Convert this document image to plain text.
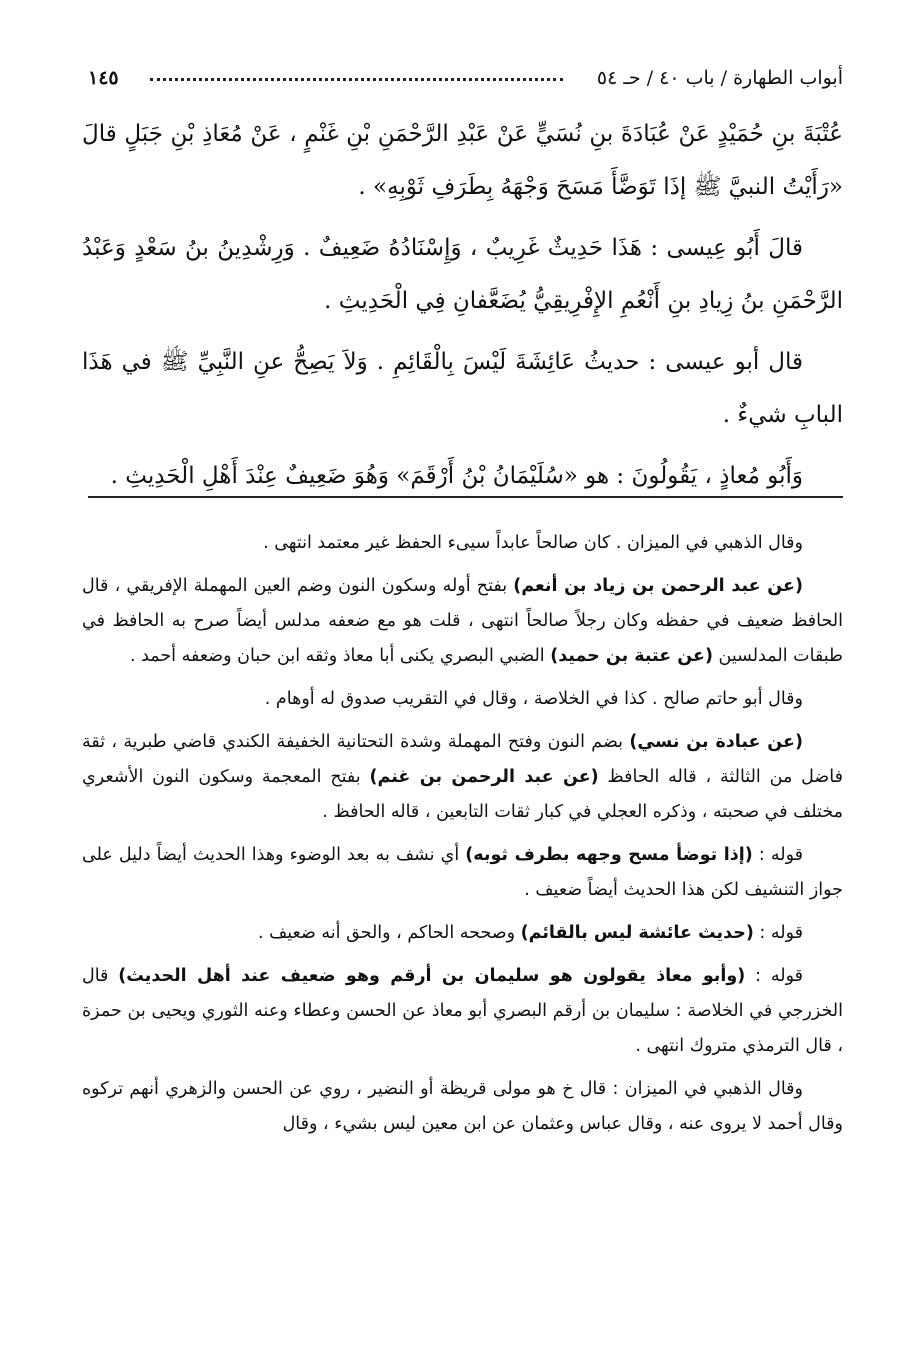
أبواب الطهارة / باب ٤٠ / حـ ٥٤
١٤٥

عُتْبَةَ بنِ حُمَيْدٍ عَنْ عُبَادَةَ بنِ نُسَيٍّ عَنْ عَبْدِ الرَّحْمَنِ بْنِ غَنْمٍ ، عَنْ مُعَاذِ بْنِ جَبَلٍ قالَ «رَأَيْتُ النبيَّ ﷺ إذَا تَوَضَّأَ مَسَحَ وَجْهَهُ بِطَرَفِ ثَوْبِهِ» .

قالَ أَبُو عِيسى : هَذَا حَدِيثٌ غَرِيبٌ ، وَإِسْنَادُهُ ضَعِيفٌ . وَرِشْدِينُ بنُ سَعْدٍ وَعَبْدُ الرَّحْمَنِ بنُ زِيادِ بنِ أَنْعُمِ الإِفْرِيقِيُّ يُضَعَّفانِ فِي الْحَدِيثِ .

قال أبو عيسى : حديثُ عَائِشَةَ لَيْسَ بِالْقَائِمِ . وَلاَ يَصِحُّ عنِ النَّبِيِّ ﷺ في هَذَا البابِ شيءٌ .

وَأَبُو مُعاذٍ ، يَقُولُونَ : هو «سُلَيْمَانُ بْنُ أَرْقَمَ» وَهُوَ ضَعِيفٌ عِنْدَ أَهْلِ الْحَدِيثِ .

وقال الذهبي في الميزان . كان صالحاً عابداً سيىء الحفظ غير معتمد انتهى .

(عن عبد الرحمن بن زياد بن أنعم) بفتح أوله وسكون النون وضم العين المهملة الإفريقي ، قال الحافظ ضعيف في حفظه وكان رجلاً صالحاً انتهى ، قلت هو مع ضعفه مدلس أيضاً صرح به الحافظ في طبقات المدلسين (عن عتبة بن حميد) الضبي البصري يكنى أبا معاذ وثقه ابن حبان وضعفه أحمد .

وقال أبو حاتم صالح . كذا في الخلاصة ، وقال في التقريب صدوق له أوهام .

(عن عبادة بن نسي) بضم النون وفتح المهملة وشدة التحتانية الخفيفة الكندي قاضي طبرية ، ثقة فاضل من الثالثة ، قاله الحافظ (عن عبد الرحمن بن غنم) بفتح المعجمة وسكون النون الأشعري مختلف في صحبته ، وذكره العجلي في كبار ثقات التابعين ، قاله الحافظ .

قوله : (إذا توضأ مسح وجهه بطرف ثوبه) أي نشف به بعد الوضوء وهذا الحديث أيضاً دليل على جواز التنشيف لكن هذا الحديث أيضاً ضعيف .

قوله : (حديث عائشة ليس بالقائم) وصححه الحاكم ، والحق أنه ضعيف .

قوله : (وأبو معاذ يقولون هو سليمان بن أرقم وهو ضعيف عند أهل الحديث) قال الخزرجي في الخلاصة : سليمان بن أرقم البصري أبو معاذ عن الحسن وعطاء وعنه الثوري ويحيى بن حمزة ، قال الترمذي متروك انتهى .

وقال الذهبي في الميزان : قال خ هو مولى قريظة أو النضير ، روي عن الحسن والزهري أنهم تركوه وقال أحمد لا يروى عنه ، وقال عباس وعثمان عن ابن معين ليس بشيء ، وقال
